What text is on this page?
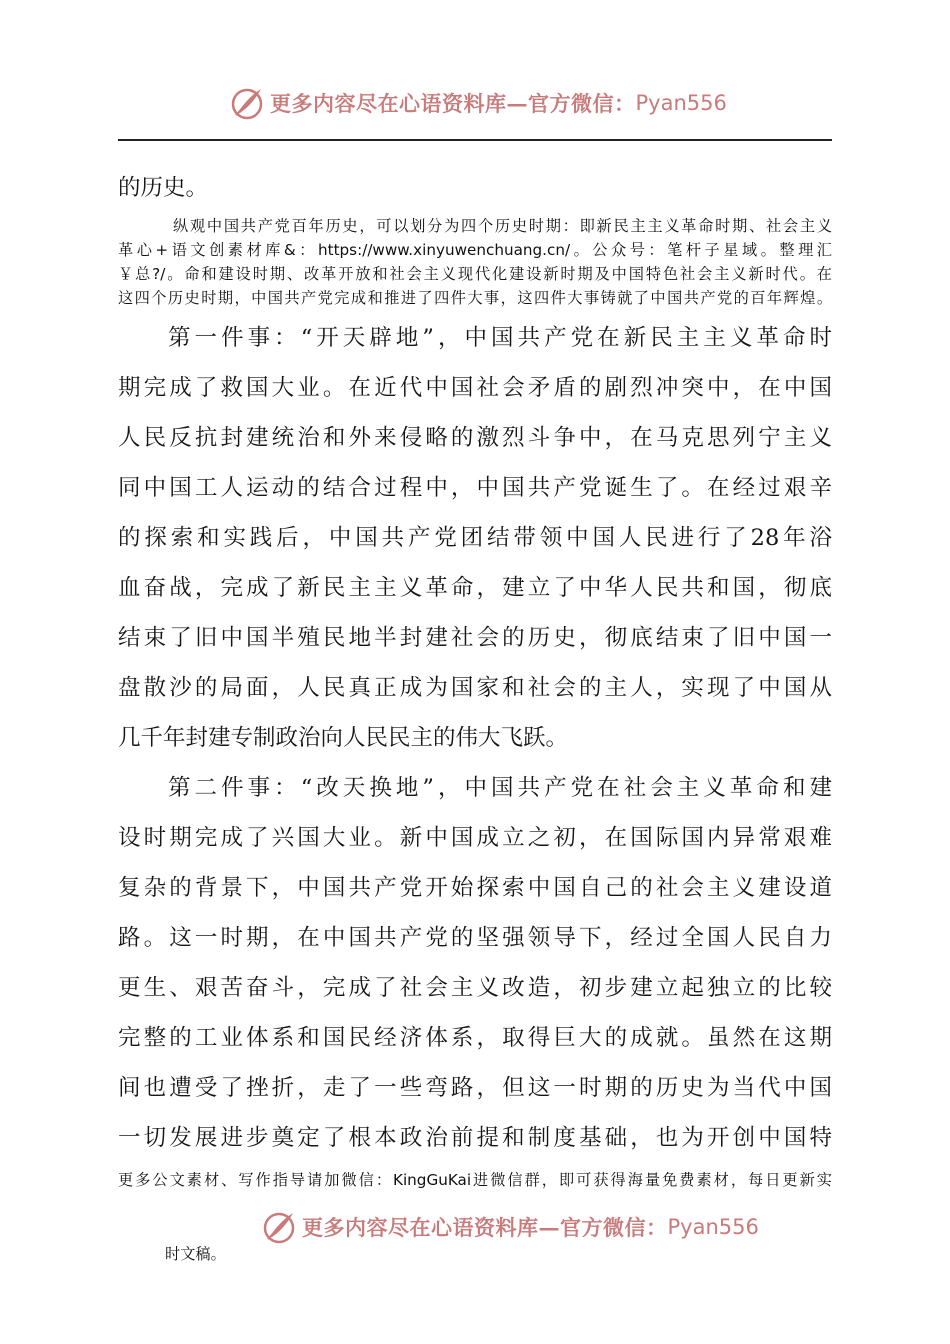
更多内容尽在心语资料库—官方微信： Pyan556
的历史。
纵观中国共产党百年历史，可以划分为四个历史时期：即新民主主义革命时期、社会主义
革心+语文创素材库&：https://www.xinyuwenchuang.cn/。公众号：笔杆子星域。整理汇
￥总?/。命和建设时期、改革开放和社会主义现代化建设新时期及中国特色社会主义新时代。在
这四个历史时期，中国共产党完成和推进了四件大事，这四件大事铸就了中国共产党的百年辉煌。
第一件事：“开天辟地”，中国共产党在新民主主义革命时
期完成了救国大业。在近代中国社会矛盾的剧烈冲突中，在中国
人民反抗封建统治和外来侵略的激烈斗争中，在马克思列宁主义
同中国工人运动的结合过程中，中国共产党诞生了。在经过艰辛
的探索和实践后，中国共产党团结带领中国人民进行了28年浴
血奋战，完成了新民主主义革命，建立了中华人民共和国，彻底
结束了旧中国半殖民地半封建社会的历史，彻底结束了旧中国一
盘散沙的局面，人民真正成为国家和社会的主人，实现了中国从
几千年封建专制政治向人民民主的伟大飞跃。
第二件事：“改天换地”，中国共产党在社会主义革命和建
设时期完成了兴国大业。新中国成立之初，在国际国内异常艰难
复杂的背景下，中国共产党开始探索中国自己的社会主义建设道
路。这一时期，在中国共产党的坚强领导下，经过全国人民自力
更生、艰苦奋斗，完成了社会主义改造，初步建立起独立的比较
完整的工业体系和国民经济体系，取得巨大的成就。虽然在这期
间也遭受了挫折，走了一些弯路，但这一时期的历史为当代中国
一切发展进步奠定了根本政治前提和制度基础，也为开创中国特
更多公文素材、写作指导请加微信：KingGuKai进微信群，即可获得海量免费素材，每日更新实
更多内容尽在心语资料库—官方微信： Pyan556
时文稿。
